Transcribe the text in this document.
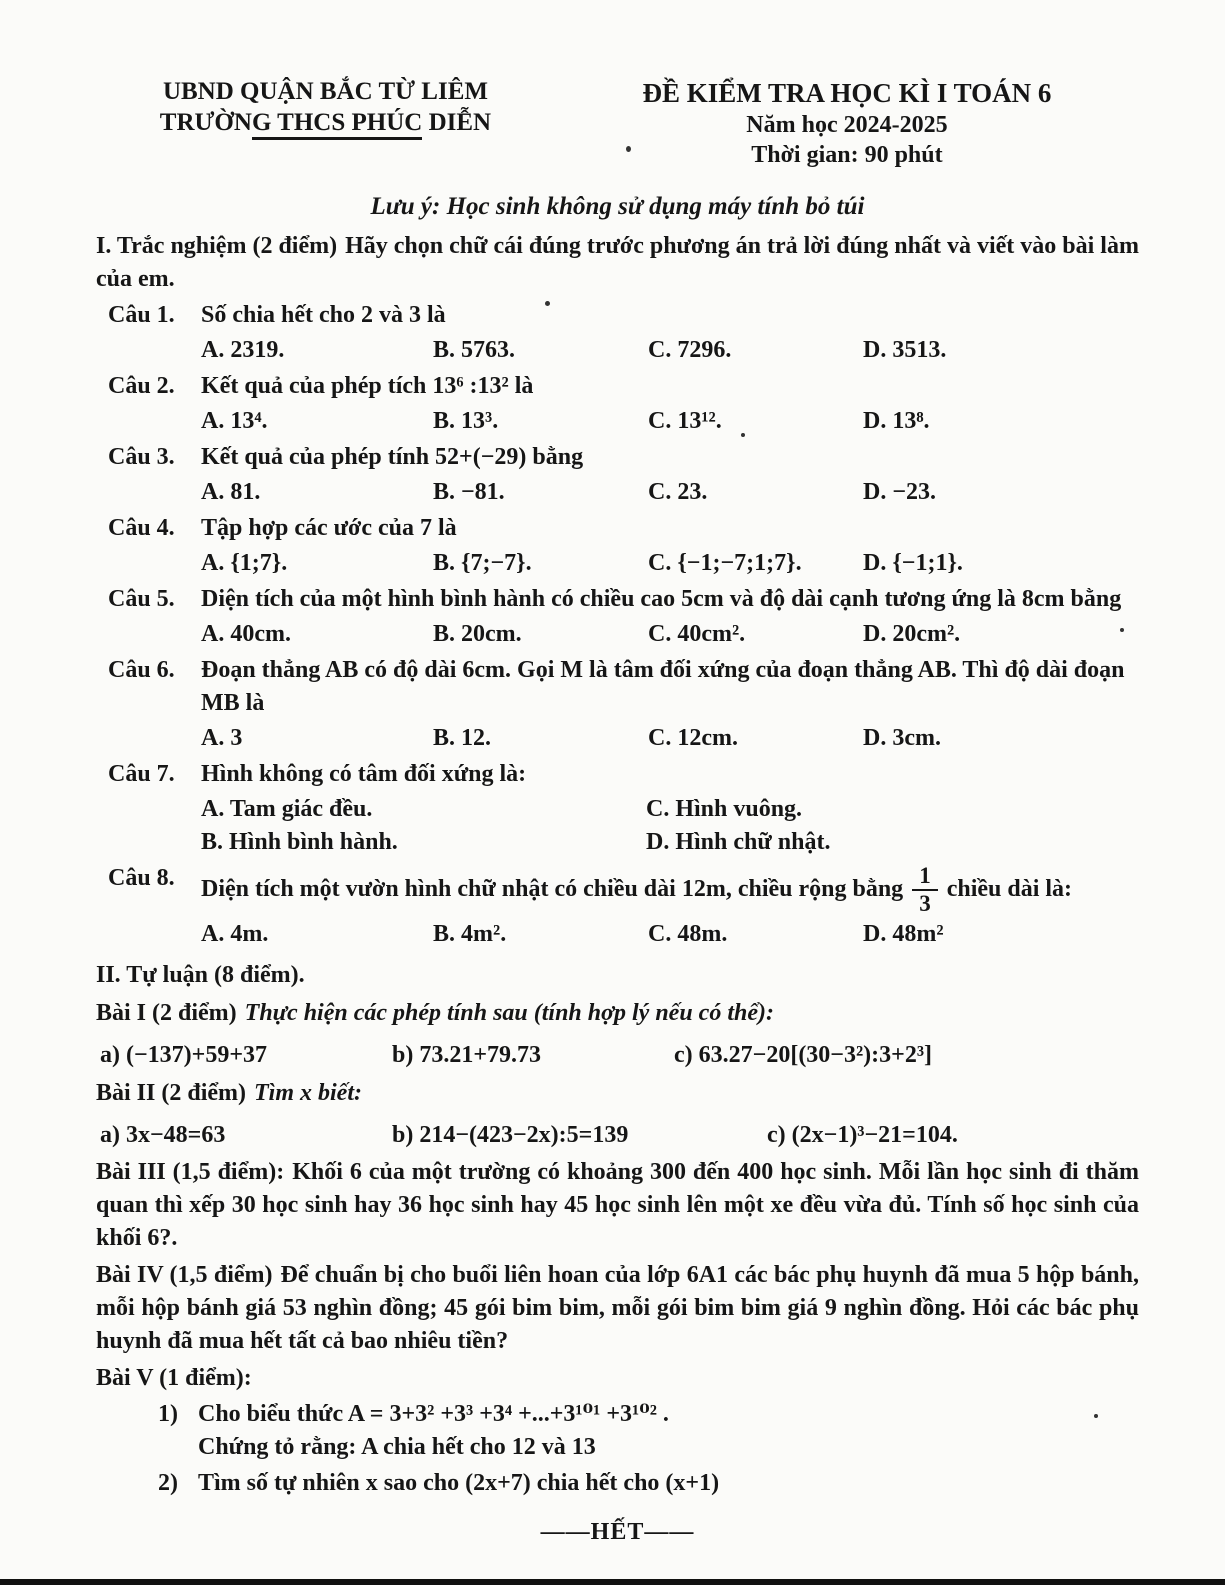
UBND QUẬN BẮC TỪ LIÊM
TRƯỜNG THCS PHÚC DIỄN
ĐỀ KIỂM TRA HỌC KÌ I TOÁN 6
Năm học 2024-2025
Thời gian: 90 phút
Lưu ý: Học sinh không sử dụng máy tính bỏ túi
I. Trắc nghiệm (2 điểm) Hãy chọn chữ cái đúng trước phương án trả lời đúng nhất và viết vào bài làm của em.
Câu 1.	Số chia hết cho 2 và 3 là
A. 2319.	B. 5763.	C. 7296.	D. 3513.
Câu 2.	Kết quả của phép tích 13⁶ :13² là
A. 13⁴.	B. 13³.	C. 13¹².	D. 13⁸.
Câu 3.	Kết quả của phép tính 52+(−29) bằng
A. 81.	B. −81.	C. 23.	D. −23.
Câu 4.	Tập hợp các ước của 7 là
A. {1;7}.	B. {7;−7}.	C. {−1;−7;1;7}.	D. {−1;1}.
Câu 5.	Diện tích của một hình bình hành có chiều cao 5cm và độ dài cạnh tương ứng là 8cm bằng
A. 40cm.	B. 20cm.	C. 40cm².	D. 20cm².
Câu 6.	Đoạn thẳng AB có độ dài 6cm. Gọi M là tâm đối xứng của đoạn thẳng AB. Thì độ dài đoạn MB là
A. 3	B. 12.	C. 12cm.	D. 3cm.
Câu 7.	Hình không có tâm đối xứng là:
A. Tam giác đều.	C. Hình vuông.
B. Hình bình hành.	D. Hình chữ nhật.
Câu 8.	Diện tích một vườn hình chữ nhật có chiều dài 12m, chiều rộng bằng $\frac{1}{3}$ chiều dài là:
A. 4m.	B. 4m².	C. 48m.	D. 48m²
II. Tự luận (8 điểm).
Bài I (2 điểm) Thực hiện các phép tính sau (tính hợp lý nếu có thể):
a) (−137)+59+37	b) 73.21+79.73	c) 63.27−20[(30−3²):3+2³]
Bài II (2 điểm) Tìm x biết:
a) 3x−48=63	b) 214−(423−2x):5=139	c) (2x−1)³−21=104.
Bài III (1,5 điểm): Khối 6 của một trường có khoảng 300 đến 400 học sinh. Mỗi lần học sinh đi thăm quan thì xếp 30 học sinh hay 36 học sinh hay 45 học sinh lên một xe đều vừa đủ. Tính số học sinh của khối 6?.
Bài IV (1,5 điểm) Để chuẩn bị cho buổi liên hoan của lớp 6A1 các bác phụ huynh đã mua 5 hộp bánh, mỗi hộp bánh giá 53 nghìn đồng; 45 gói bim bim, mỗi gói bim bim giá 9 nghìn đồng. Hỏi các bác phụ huynh đã mua hết tất cả bao nhiêu tiền?
Bài V (1 điểm):
1) Cho biểu thức A = 3+3² +3³ +3⁴ +...+3¹⁰¹ +3¹⁰² .
Chứng tỏ rằng: A chia hết cho 12 và 13
2) Tìm số tự nhiên x sao cho (2x+7) chia hết cho (x+1)
——HẾT——
